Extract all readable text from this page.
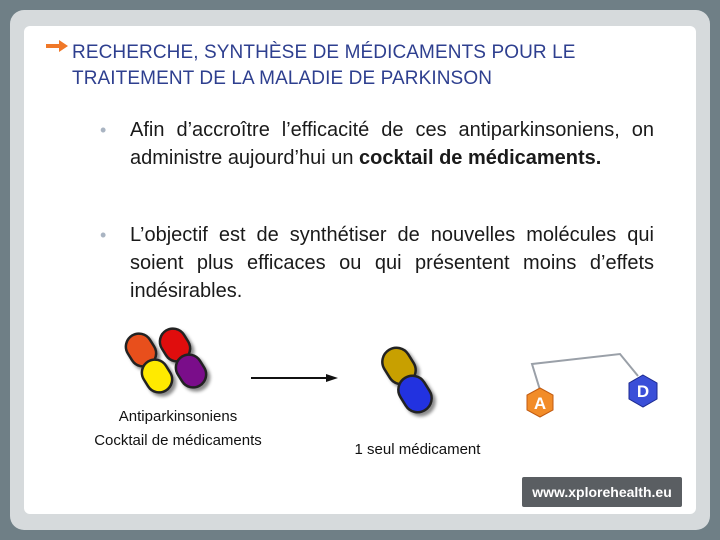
RECHERCHE, SYNTHÈSE DE MÉDICAMENTS POUR LE
TRAITEMENT DE LA MALADIE DE PARKINSON
• Afin d’accroître l’efficacité de ces antiparkinsoniens, on administre aujourd’hui un cocktail de médicaments.
• L’objectif est de synthétiser de nouvelles molécules qui soient plus efficaces ou qui présentent moins d’effets indésirables.
A
D
Antiparkinsoniens
Cocktail de médicaments
1 seul médicament
www.xplorehealth.eu
